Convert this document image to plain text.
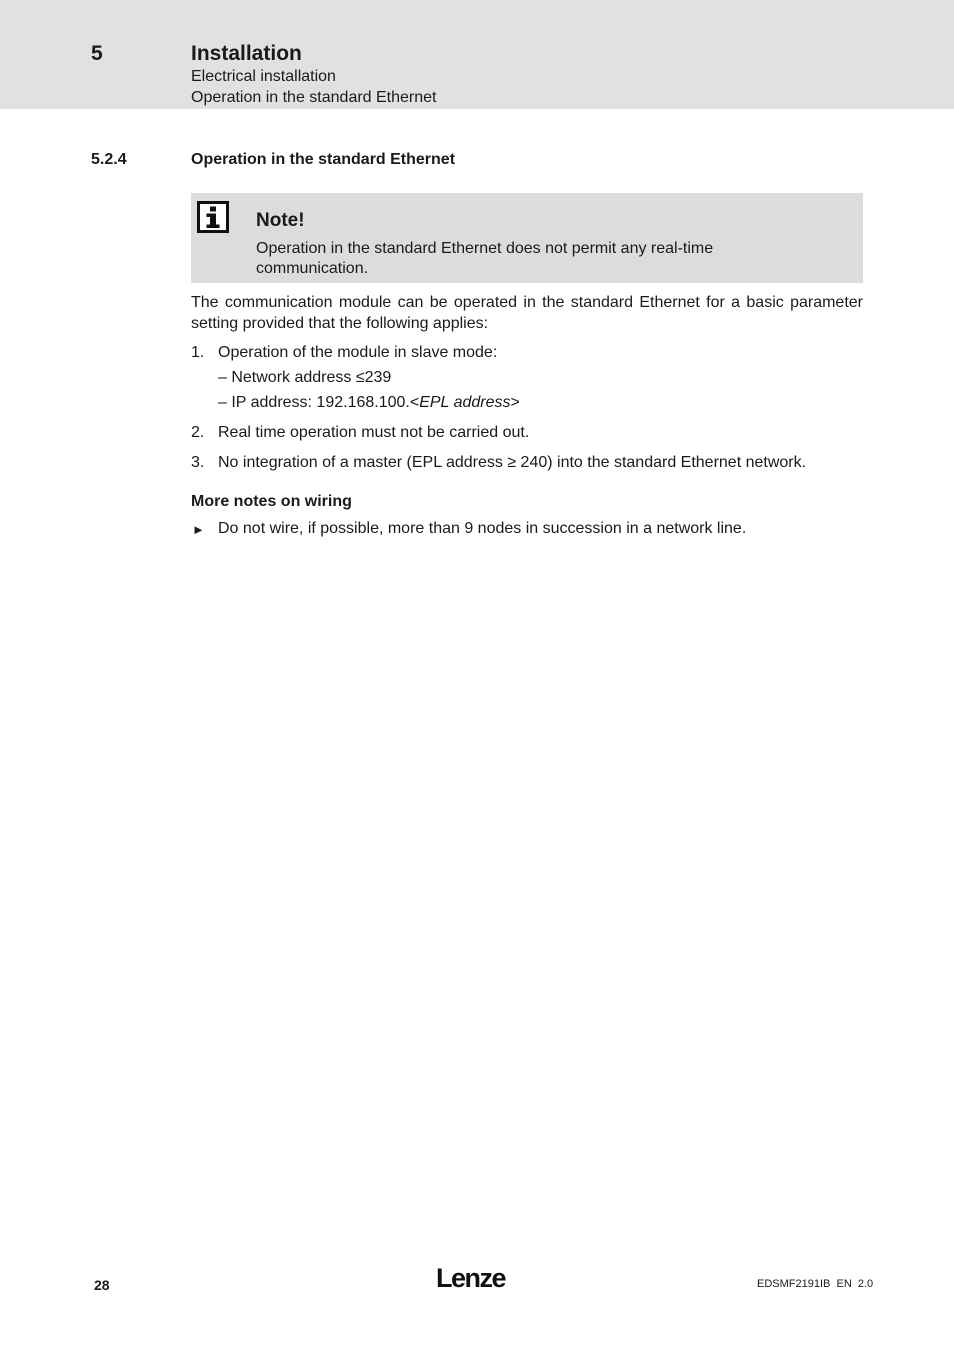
5	Installation
Electrical installation
Operation in the standard Ethernet
5.2.4	Operation in the standard Ethernet
Note!
Operation in the standard Ethernet does not permit any real-time communication.
The communication module can be operated in the standard Ethernet for a basic parameter setting provided that the following applies:
1. Operation of the module in slave mode:
– Network address ≤239
– IP address: 192.168.100.<EPL address>
2. Real time operation must not be carried out.
3. No integration of a master (EPL address ≥ 240) into the standard Ethernet network.
More notes on wiring
► Do not wire, if possible, more than 9 nodes in succession in a network line.
28	Lenze	EDSMF2191IB  EN  2.0
